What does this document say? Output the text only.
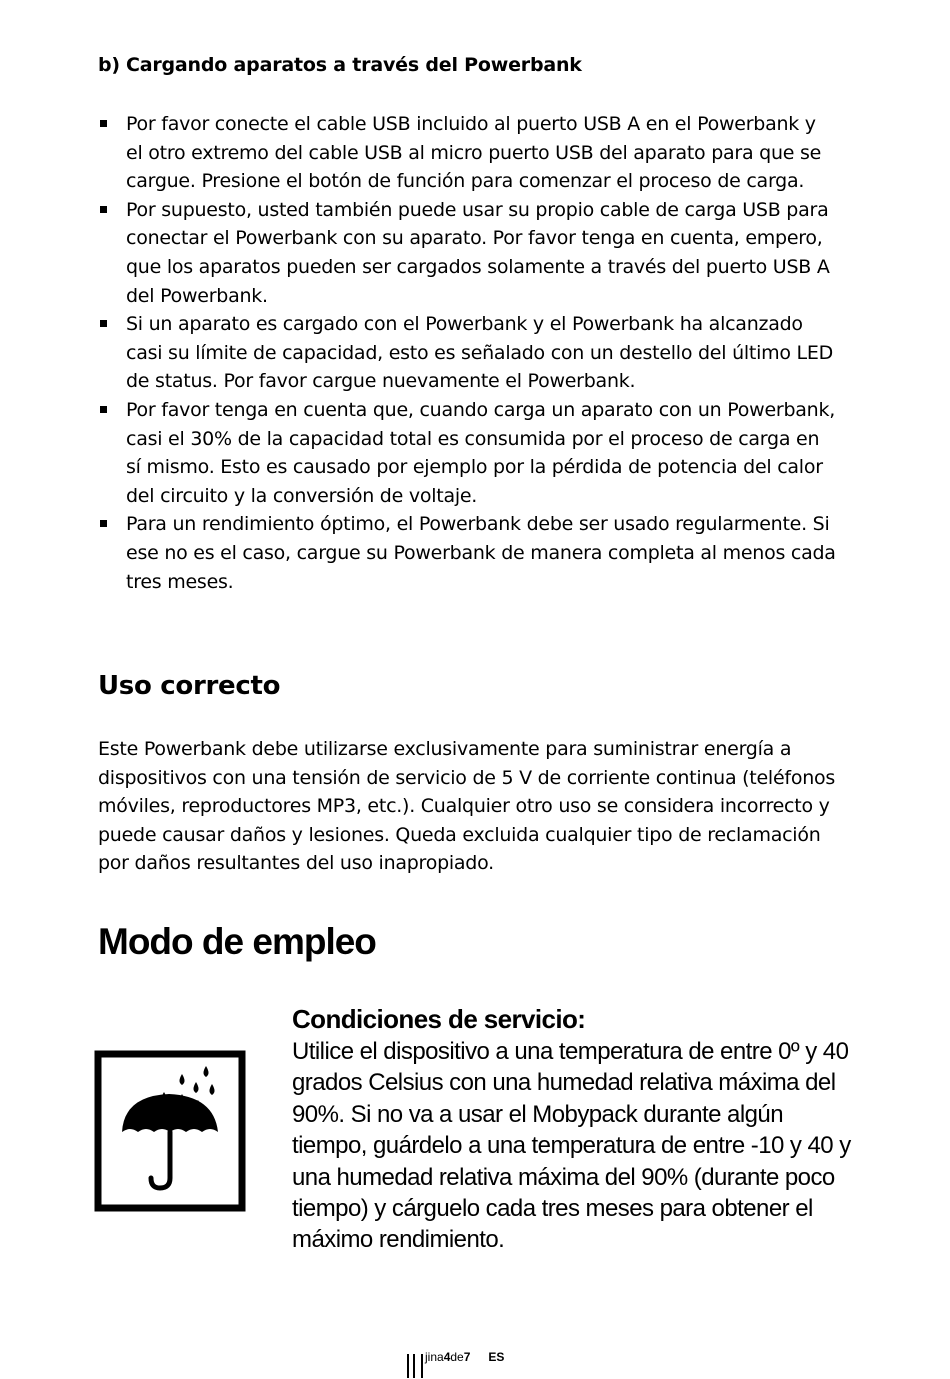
b) Cargando aparatos a través del Powerbank
Por favor conecte el cable USB incluido al puerto USB A en el Powerbank y el otro extremo del cable USB al micro puerto USB del aparato para que se cargue. Presione el botón de función para comenzar el proceso de carga.
Por supuesto, usted también puede usar su propio cable de carga USB para conectar el Powerbank con su aparato. Por favor tenga en cuenta, empero, que los aparatos pueden ser cargados solamente a través del puerto USB A del Powerbank.
Si un aparato es cargado con el Powerbank y el Powerbank ha alcanzado casi su límite de capacidad, esto es señalado con un destello del último LED de status. Por favor cargue nuevamente el Powerbank.
Por favor tenga en cuenta que, cuando carga un aparato con un Powerbank, casi el 30% de la capacidad total es consumida por el proceso de carga en sí mismo. Esto es causado por ejemplo por la pérdida de potencia del calor del circuito y la conversión de voltaje.
Para un rendimiento óptimo, el Powerbank debe ser usado regularmente. Si ese no es el caso, cargue su Powerbank de manera completa al menos cada tres meses.
Uso correcto

Este Powerbank debe utilizarse exclusivamente para suministrar energía a dispositivos con una tensión de servicio de 5 V de corriente continua (teléfonos móviles, reproductores MP3, etc.). Cualquier otro uso se considera incorrecto y puede causar daños y lesiones. Queda excluida cualquier tipo de reclamación por daños resultantes del uso inapropiado.

Modo de empleo
Condiciones de servicio:

Utilice el dispositivo a una temperatura de entre 0º y 40 grados Celsius con una humedad relativa máxima del 90%. Si no va a usar el Mobypack durante algún tiempo, guárdelo a una temperatura de entre -10 y 40 y una humedad relativa máxima del 90% (durante poco tiempo) y cárguelo cada tres meses para obtener el máximo rendimiento.

jina 4 de 7 ES
